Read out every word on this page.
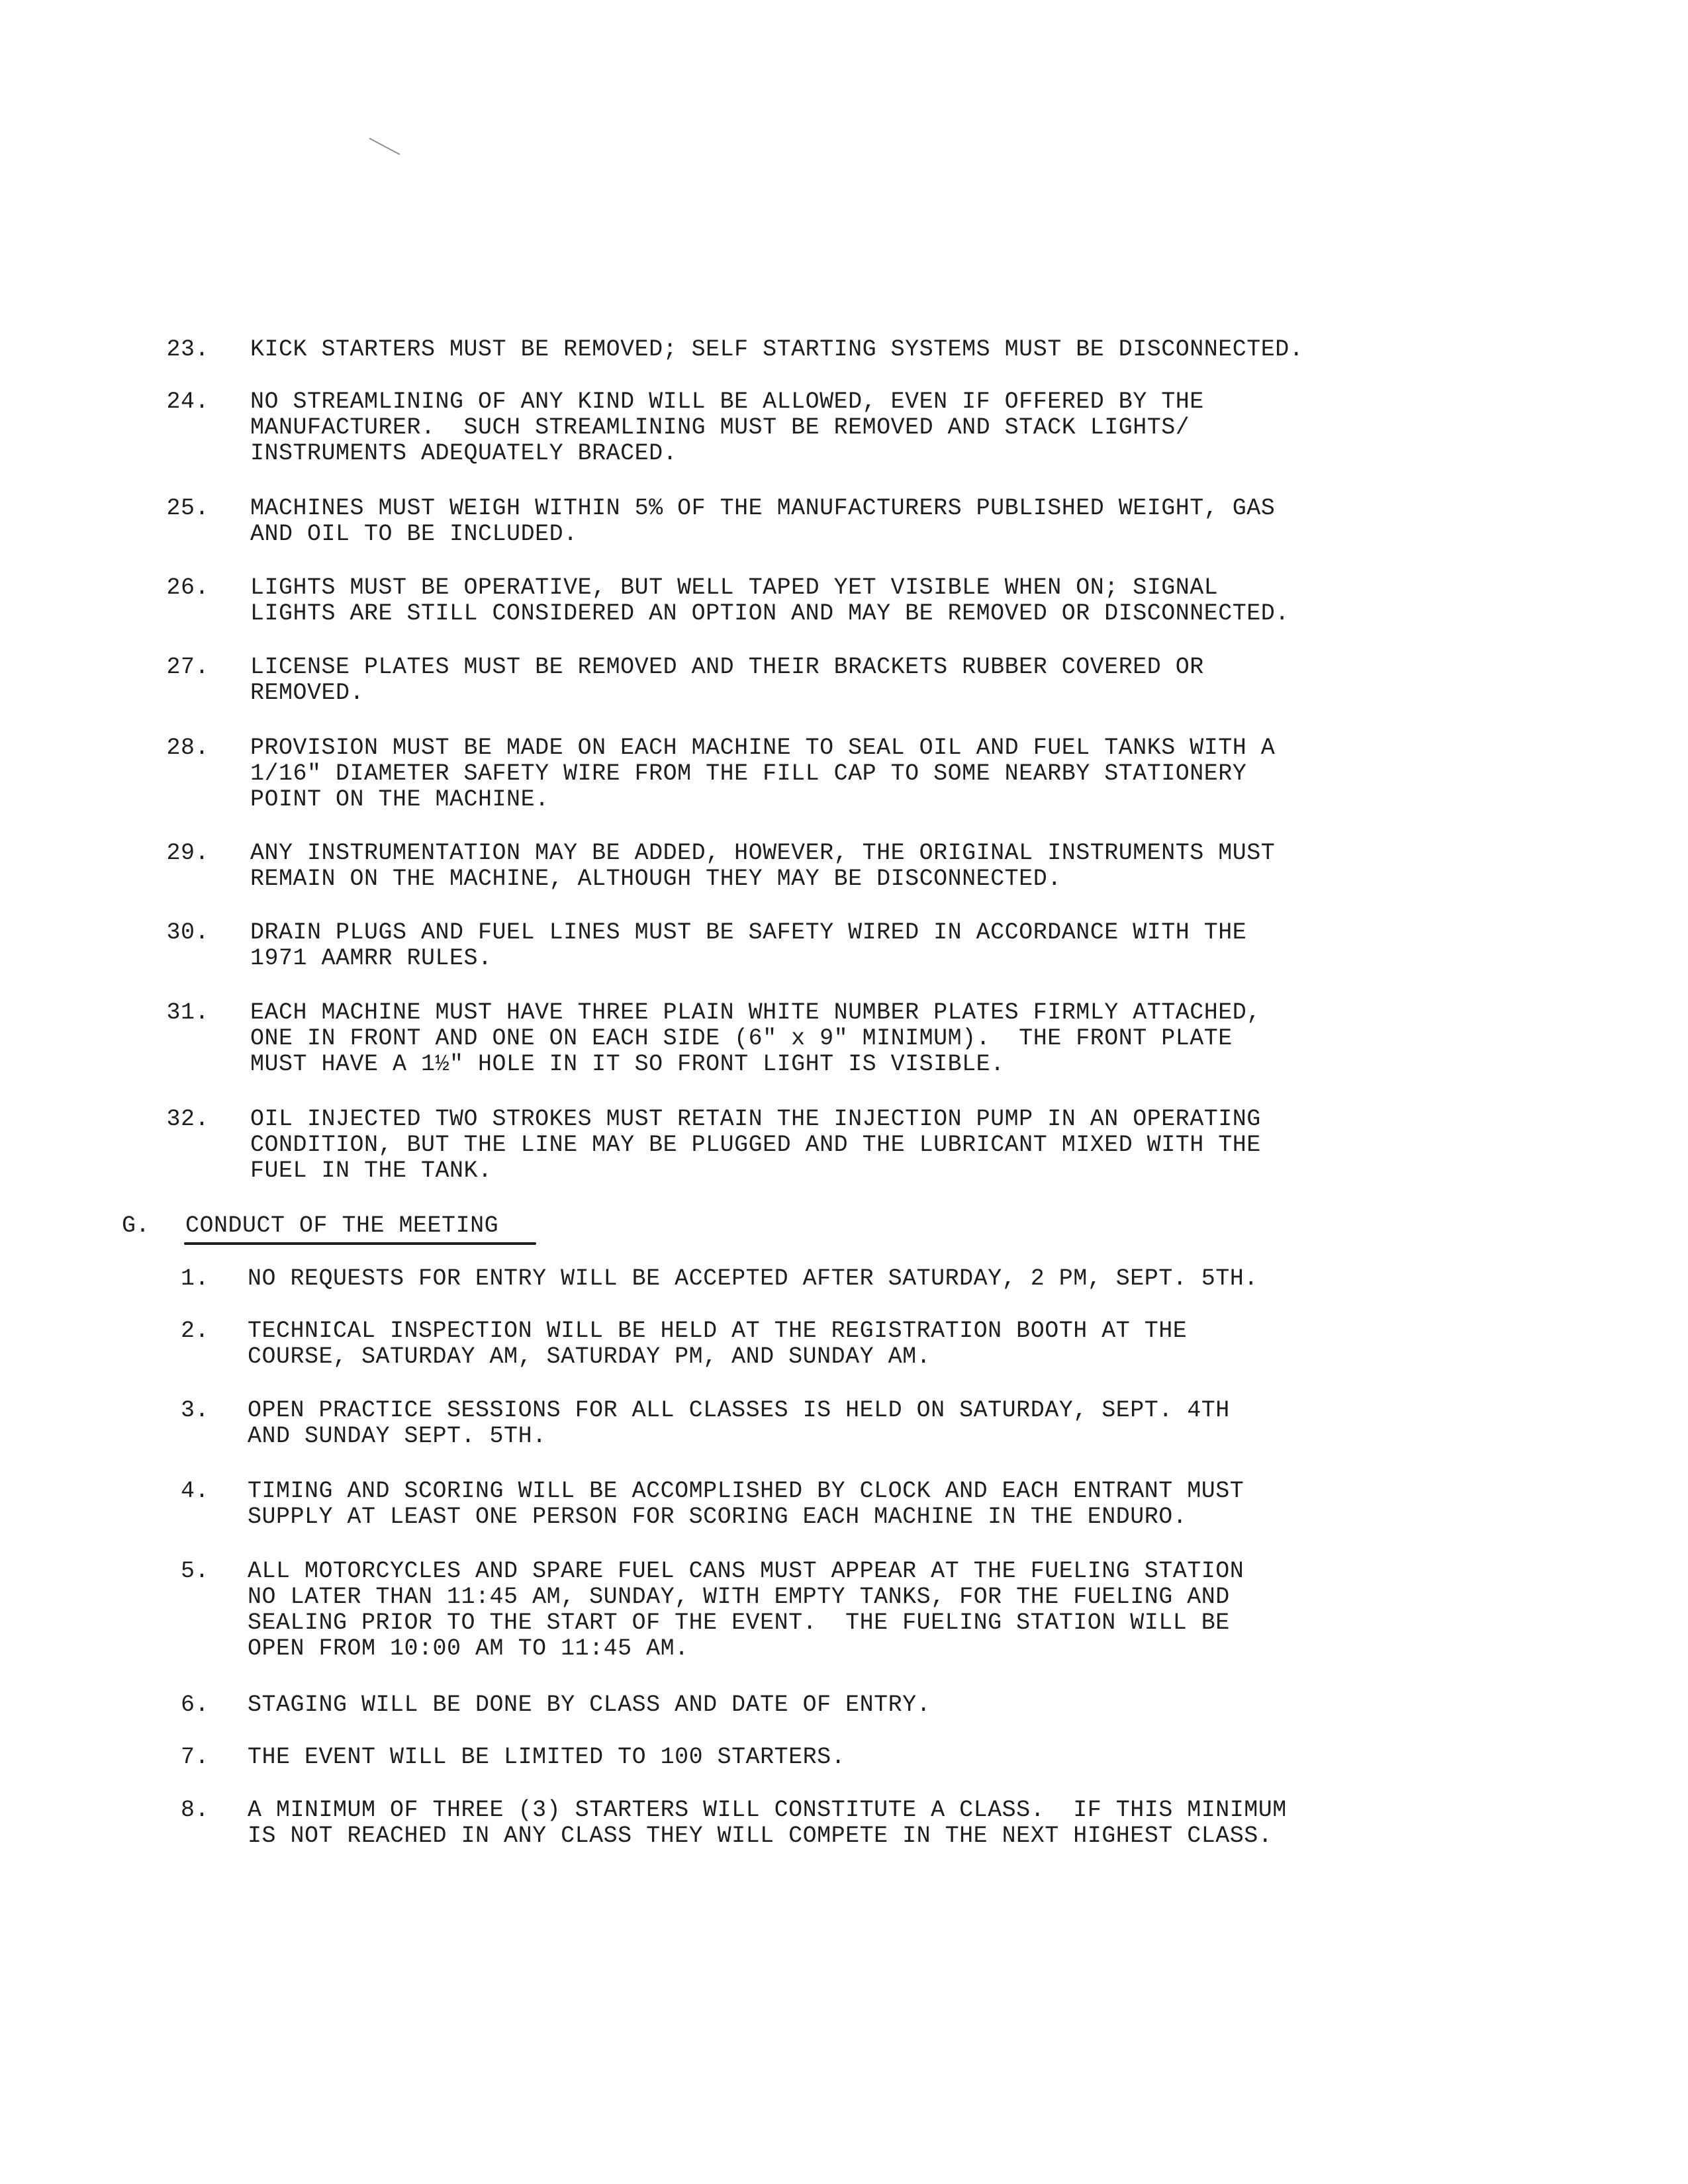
23 .	KICK STARTERS MUST BE REMOVED; SELF STARTING SYSTEMS MUST BE DISCONNECTED.
24 .	NO STREAMLINING OF ANY KIND WILL BE ALLOWED, EVEN IF OFFERED BY THE
MANUFACTURER.  SUCH STREAMLINING MUST BE REMOVED AND STACK LIGHTS/
INSTRUMENTS ADEQUATELY BRACED.
25 .	MACHINES MUST WEIGH WITHIN 5% OF THE MANUFACTURERS PUBLISHED WEIGHT, GAS
AND OIL TO BE INCLUDED.
26 .	LIGHTS MUST BE OPERATIVE, BUT WELL TAPED YET VISIBLE WHEN ON; SIGNAL
LIGHTS ARE STILL CONSIDERED AN OPTION AND MAY BE REMOVED OR DISCONNECTED.
27 .	LICENSE PLATES MUST BE REMOVED AND THEIR BRACKETS RUBBER COVERED OR
REMOVED.
28 .	PROVISION MUST BE MADE ON EACH MACHINE TO SEAL OIL AND FUEL TANKS WITH A
1/16" DIAMETER SAFETY WIRE FROM THE FILL CAP TO SOME NEARBY STATIONERY
POINT ON THE MACHINE.
29 .	ANY INSTRUMENTATION MAY BE ADDED, HOWEVER, THE ORIGINAL INSTRUMENTS MUST
REMAIN ON THE MACHINE, ALTHOUGH THEY MAY BE DISCONNECTED.
30 .	DRAIN PLUGS AND FUEL LINES MUST BE SAFETY WIRED IN ACCORDANCE WITH THE
1971 AAMRR RULES.
31 .	EACH MACHINE MUST HAVE THREE PLAIN WHITE NUMBER PLATES FIRMLY ATTACHED,
ONE IN FRONT AND ONE ON EACH SIDE (6" x 9" MINIMUM).  THE FRONT PLATE
MUST HAVE A 1½" HOLE IN IT SO FRONT LIGHT IS VISIBLE.
32 .	OIL INJECTED TWO STROKES MUST RETAIN THE INJECTION PUMP IN AN OPERATING
CONDITION, BUT THE LINE MAY BE PLUGGED AND THE LUBRICANT MIXED WITH THE
FUEL IN THE TANK.
G .	CONDUCT OF THE MEETING
1 .	NO REQUESTS FOR ENTRY WILL BE ACCEPTED AFTER SATURDAY, 2 PM, SEPT. 5TH.
2 .	TECHNICAL INSPECTION WILL BE HELD AT THE REGISTRATION BOOTH AT THE
COURSE, SATURDAY AM, SATURDAY PM, AND SUNDAY AM.
3 .	OPEN PRACTICE SESSIONS FOR ALL CLASSES IS HELD ON SATURDAY, SEPT. 4TH
AND SUNDAY SEPT. 5TH.
4 .	TIMING AND SCORING WILL BE ACCOMPLISHED BY CLOCK AND EACH ENTRANT MUST
SUPPLY AT LEAST ONE PERSON FOR SCORING EACH MACHINE IN THE ENDURO.
5 .	ALL MOTORCYCLES AND SPARE FUEL CANS MUST APPEAR AT THE FUELING STATION
NO LATER THAN 11:45 AM, SUNDAY, WITH EMPTY TANKS, FOR THE FUELING AND
SEALING PRIOR TO THE START OF THE EVENT.  THE FUELING STATION WILL BE
OPEN FROM 10:00 AM TO 11:45 AM.
6 .	STAGING WILL BE DONE BY CLASS AND DATE OF ENTRY.
7 .	THE EVENT WILL BE LIMITED TO 100 STARTERS.
8 .	A MINIMUM OF THREE (3) STARTERS WILL CONSTITUTE A CLASS.  IF THIS MINIMUM
IS NOT REACHED IN ANY CLASS THEY WILL COMPETE IN THE NEXT HIGHEST CLASS.
